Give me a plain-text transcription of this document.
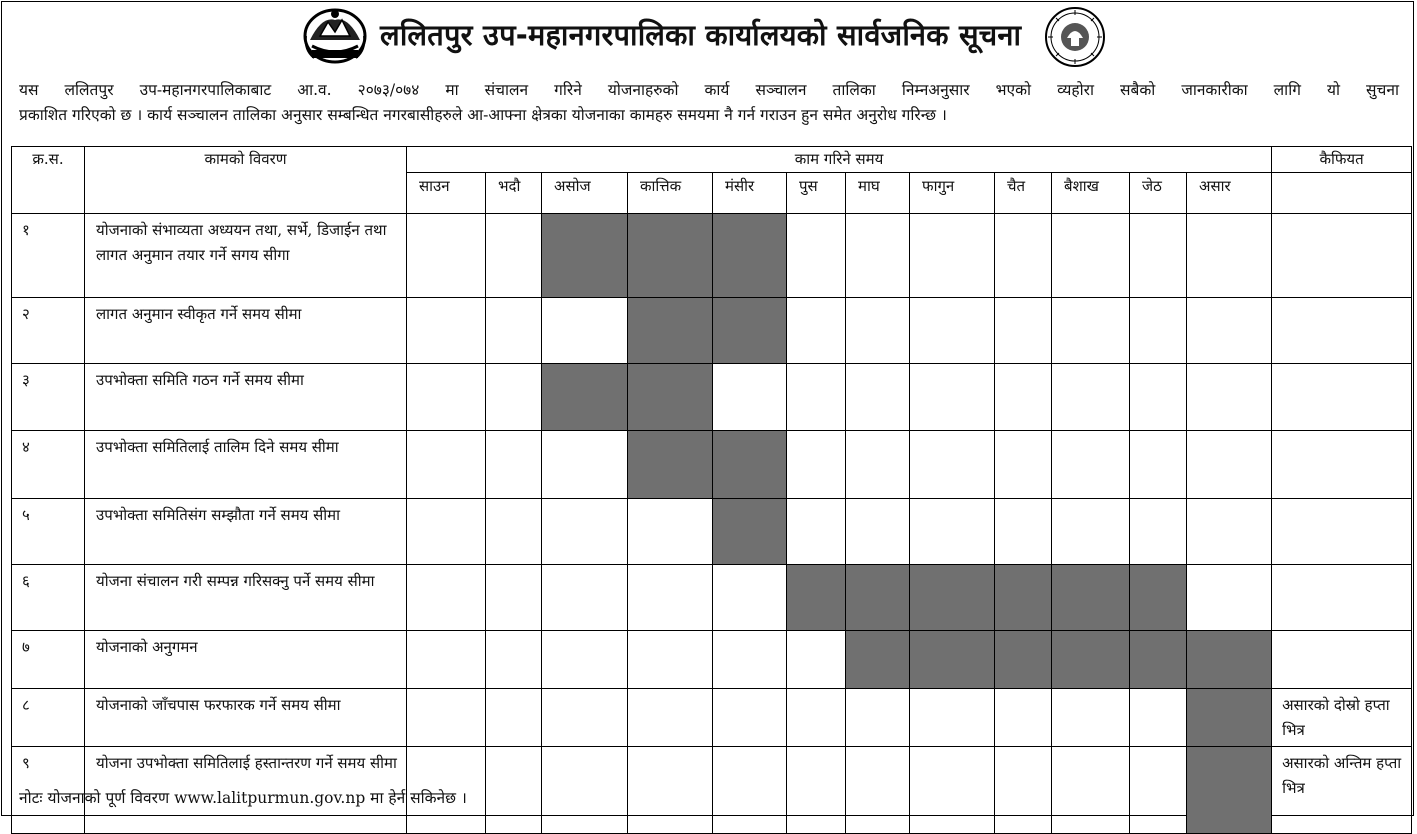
ललितपुर उप-महानगरपालिका कार्यालयको सार्वजनिक सूचना

यस ललितपुर उप-महानगरपालिकाबाट आ.व. २०७३/०७४ मा संचालन गरिने योजनाहरुको कार्य सञ्चालन तालिका निम्नअनुसार भएको व्यहोरा सबैको जानकारीका लागि यो सुचना

प्रकाशित गरिएको छ । कार्य सञ्चालन तालिका अनुसार सम्बन्धित नगरबासीहरुले आ-आफ्ना क्षेत्रका योजनाका कामहरु समयमा नै गर्न गराउन हुन समेत अनुरोध गरिन्छ ।

क्र.स.	कामको विवरण	काम गरिने समय												कैफियत
		साउन	भदौ	असोज	कात्तिक	मंसीर	पुस	माघ	फागुन	चैत	बैशाख	जेठ	असार	
१	योजनाको संभाव्यता अध्ययन तथा, सर्भे, डिजाईन तथा लागत अनुमान तयार गर्ने सगय सीगा													
२	लागत अनुमान स्वीकृत गर्ने समय सीमा													
३	उपभोक्ता समिति गठन गर्ने समय सीमा													
४	उपभोक्ता समितिलाई तालिम दिने समय सीमा													
५	उपभोक्ता समितिसंग सम्झौता गर्ने समय सीमा													
६	योजना संचालन गरी सम्पन्न गरिसक्नु पर्ने समय सीमा													
७	योजनाको अनुगमन													
८	योजनाको जाँचपास फरफारक गर्ने समय सीमा													असारको दोस्रो हप्ता भित्र
९	योजना उपभोक्ता समितिलाई हस्तान्तरण गर्ने समय सीमा													असारको अन्तिम हप्ता भित्र
नोटः योजनाको पूर्ण विवरण www.lalitpurmun.gov.np मा हेर्न सकिनेछ ।
